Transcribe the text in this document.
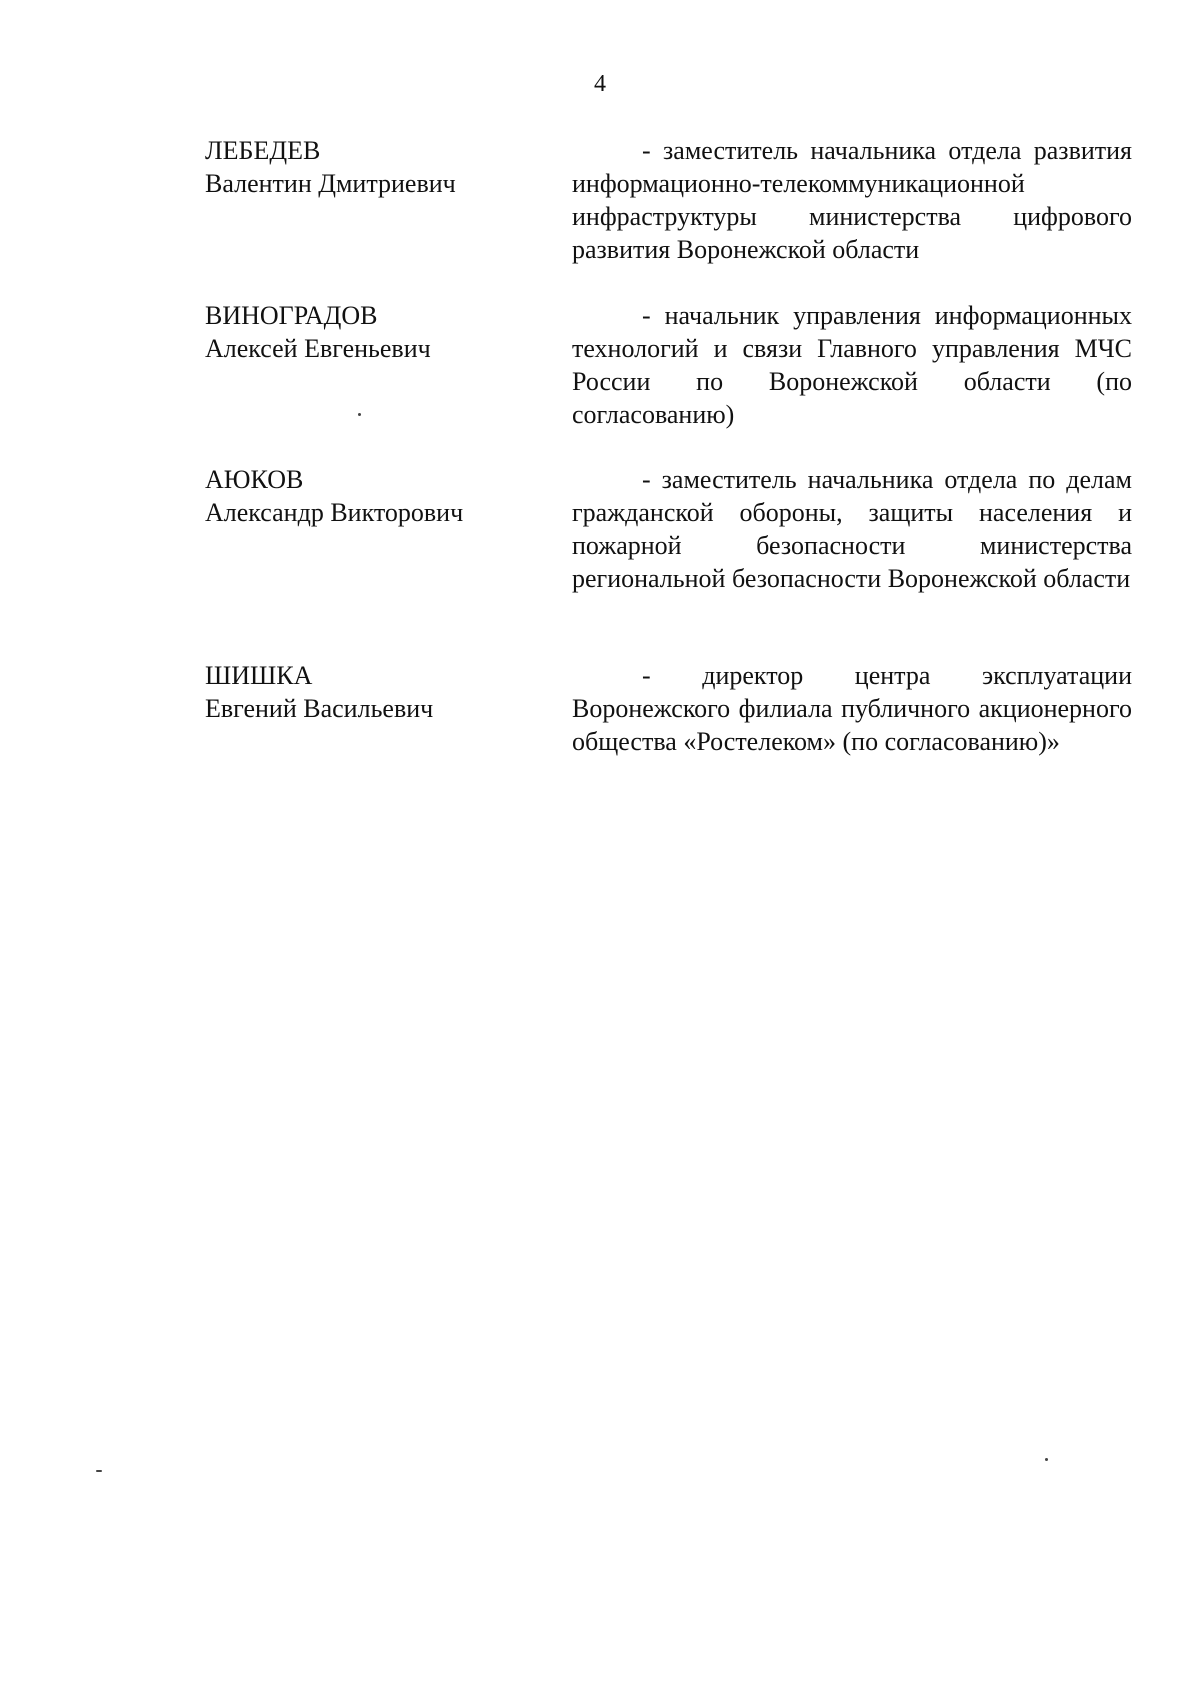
4
ЛЕБЕДЕВ
Валентин Дмитриевич
- заместитель начальника отдела развития информационно-телекоммуникационной инфраструктуры министерства цифрового развития Воронежской области
ВИНОГРАДОВ
Алексей Евгеньевич
- начальник управления информационных технологий и связи Главного управления МЧС России по Воронежской области (по согласованию)
АЮКОВ
Александр Викторович
- заместитель начальника отдела по делам гражданской обороны, защиты населения и пожарной безопасности министерства региональной безопасности Воронежской области
ШИШКА
Евгений Васильевич
- директор центра эксплуатации Воронежского филиала публичного акционерного общества «Ростелеком» (по согласованию)»
